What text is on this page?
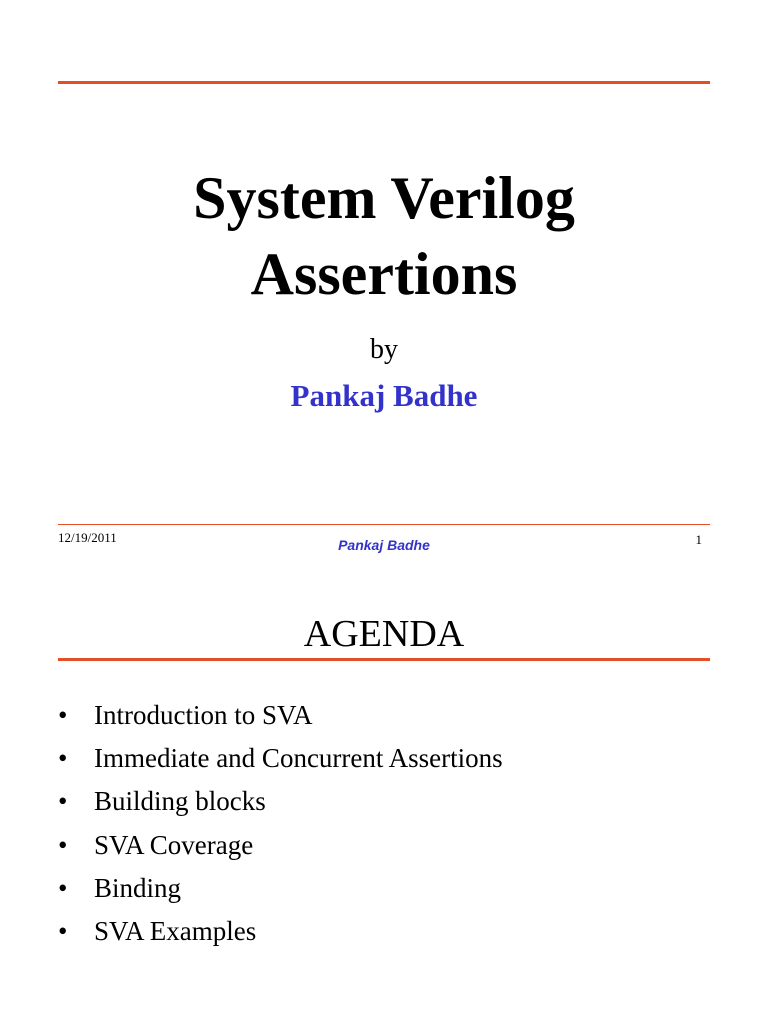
System Verilog
Assertions
by
Pankaj Badhe
12/19/2011	Pankaj Badhe	1
AGENDA
• Introduction to SVA
• Immediate and Concurrent Assertions
• Building blocks
• SVA Coverage
• Binding
• SVA Examples
